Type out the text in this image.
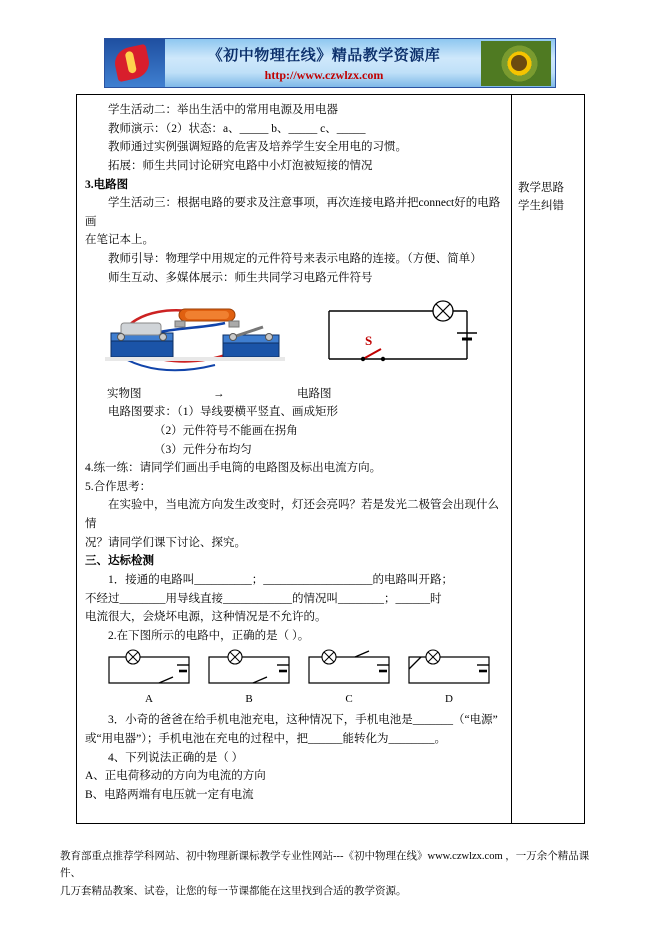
《初中物理在线》精品教学资源库
http://www.czwlzx.com

学生活动二：举出生活中的常用电源及用电器

教师演示：（2）状态：a、_____ b、_____ c、_____

教师通过实例强调短路的危害及培养学生安全用电的习惯。

拓展：师生共同讨论研究电路中小灯泡被短接的情况

3.电路图

学生活动三：根据电路的要求及注意事项，再次连接电路并把connect好的电路画

在笔记本上。

教师引导：物理学中用规定的元件符号来表示电路的连接。（方便、简单）

师生互动、多媒体展示：师生共同学习电路元件符号

S
实物图	→	电路图

电路图要求：（1）导线要横平竖直、画成矩形

（2）元件符号不能画在拐角

（3）元件分布均匀

4.练一练：请同学们画出手电筒的电路图及标出电流方向。

5.合作思考：

在实验中，当电流方向发生改变时，灯还会亮吗？若是发光二极管会出现什么情

况？请同学们课下讨论、探究。

三、达标检测

1．接通的电路叫__________；___________________的电路叫开路；

不经过________用导线直接____________的情况叫________；______时

电流很大，会烧坏电源，这种情况是不允许的。

2.在下图所示的电路中，正确的是（ ）。

A	B	C	D

3．小奇的爸爸在给手机电池充电，这种情况下，手机电池是_______（“电源”

或“用电器”）；手机电池在充电的过程中，把______能转化为________。

4、下列说法正确的是（ ）

A、正电荷移动的方向为电流的方向

B、电路两端有电压就一定有电流

教学思路

学生纠错

教育部重点推荐学科网站、初中物理新课标教学专业性网站---《初中物理在线》www.czwlzx.com ，一万余个精品课件、
几万套精品教案、试卷，让您的每一节课都能在这里找到合适的教学资源。
